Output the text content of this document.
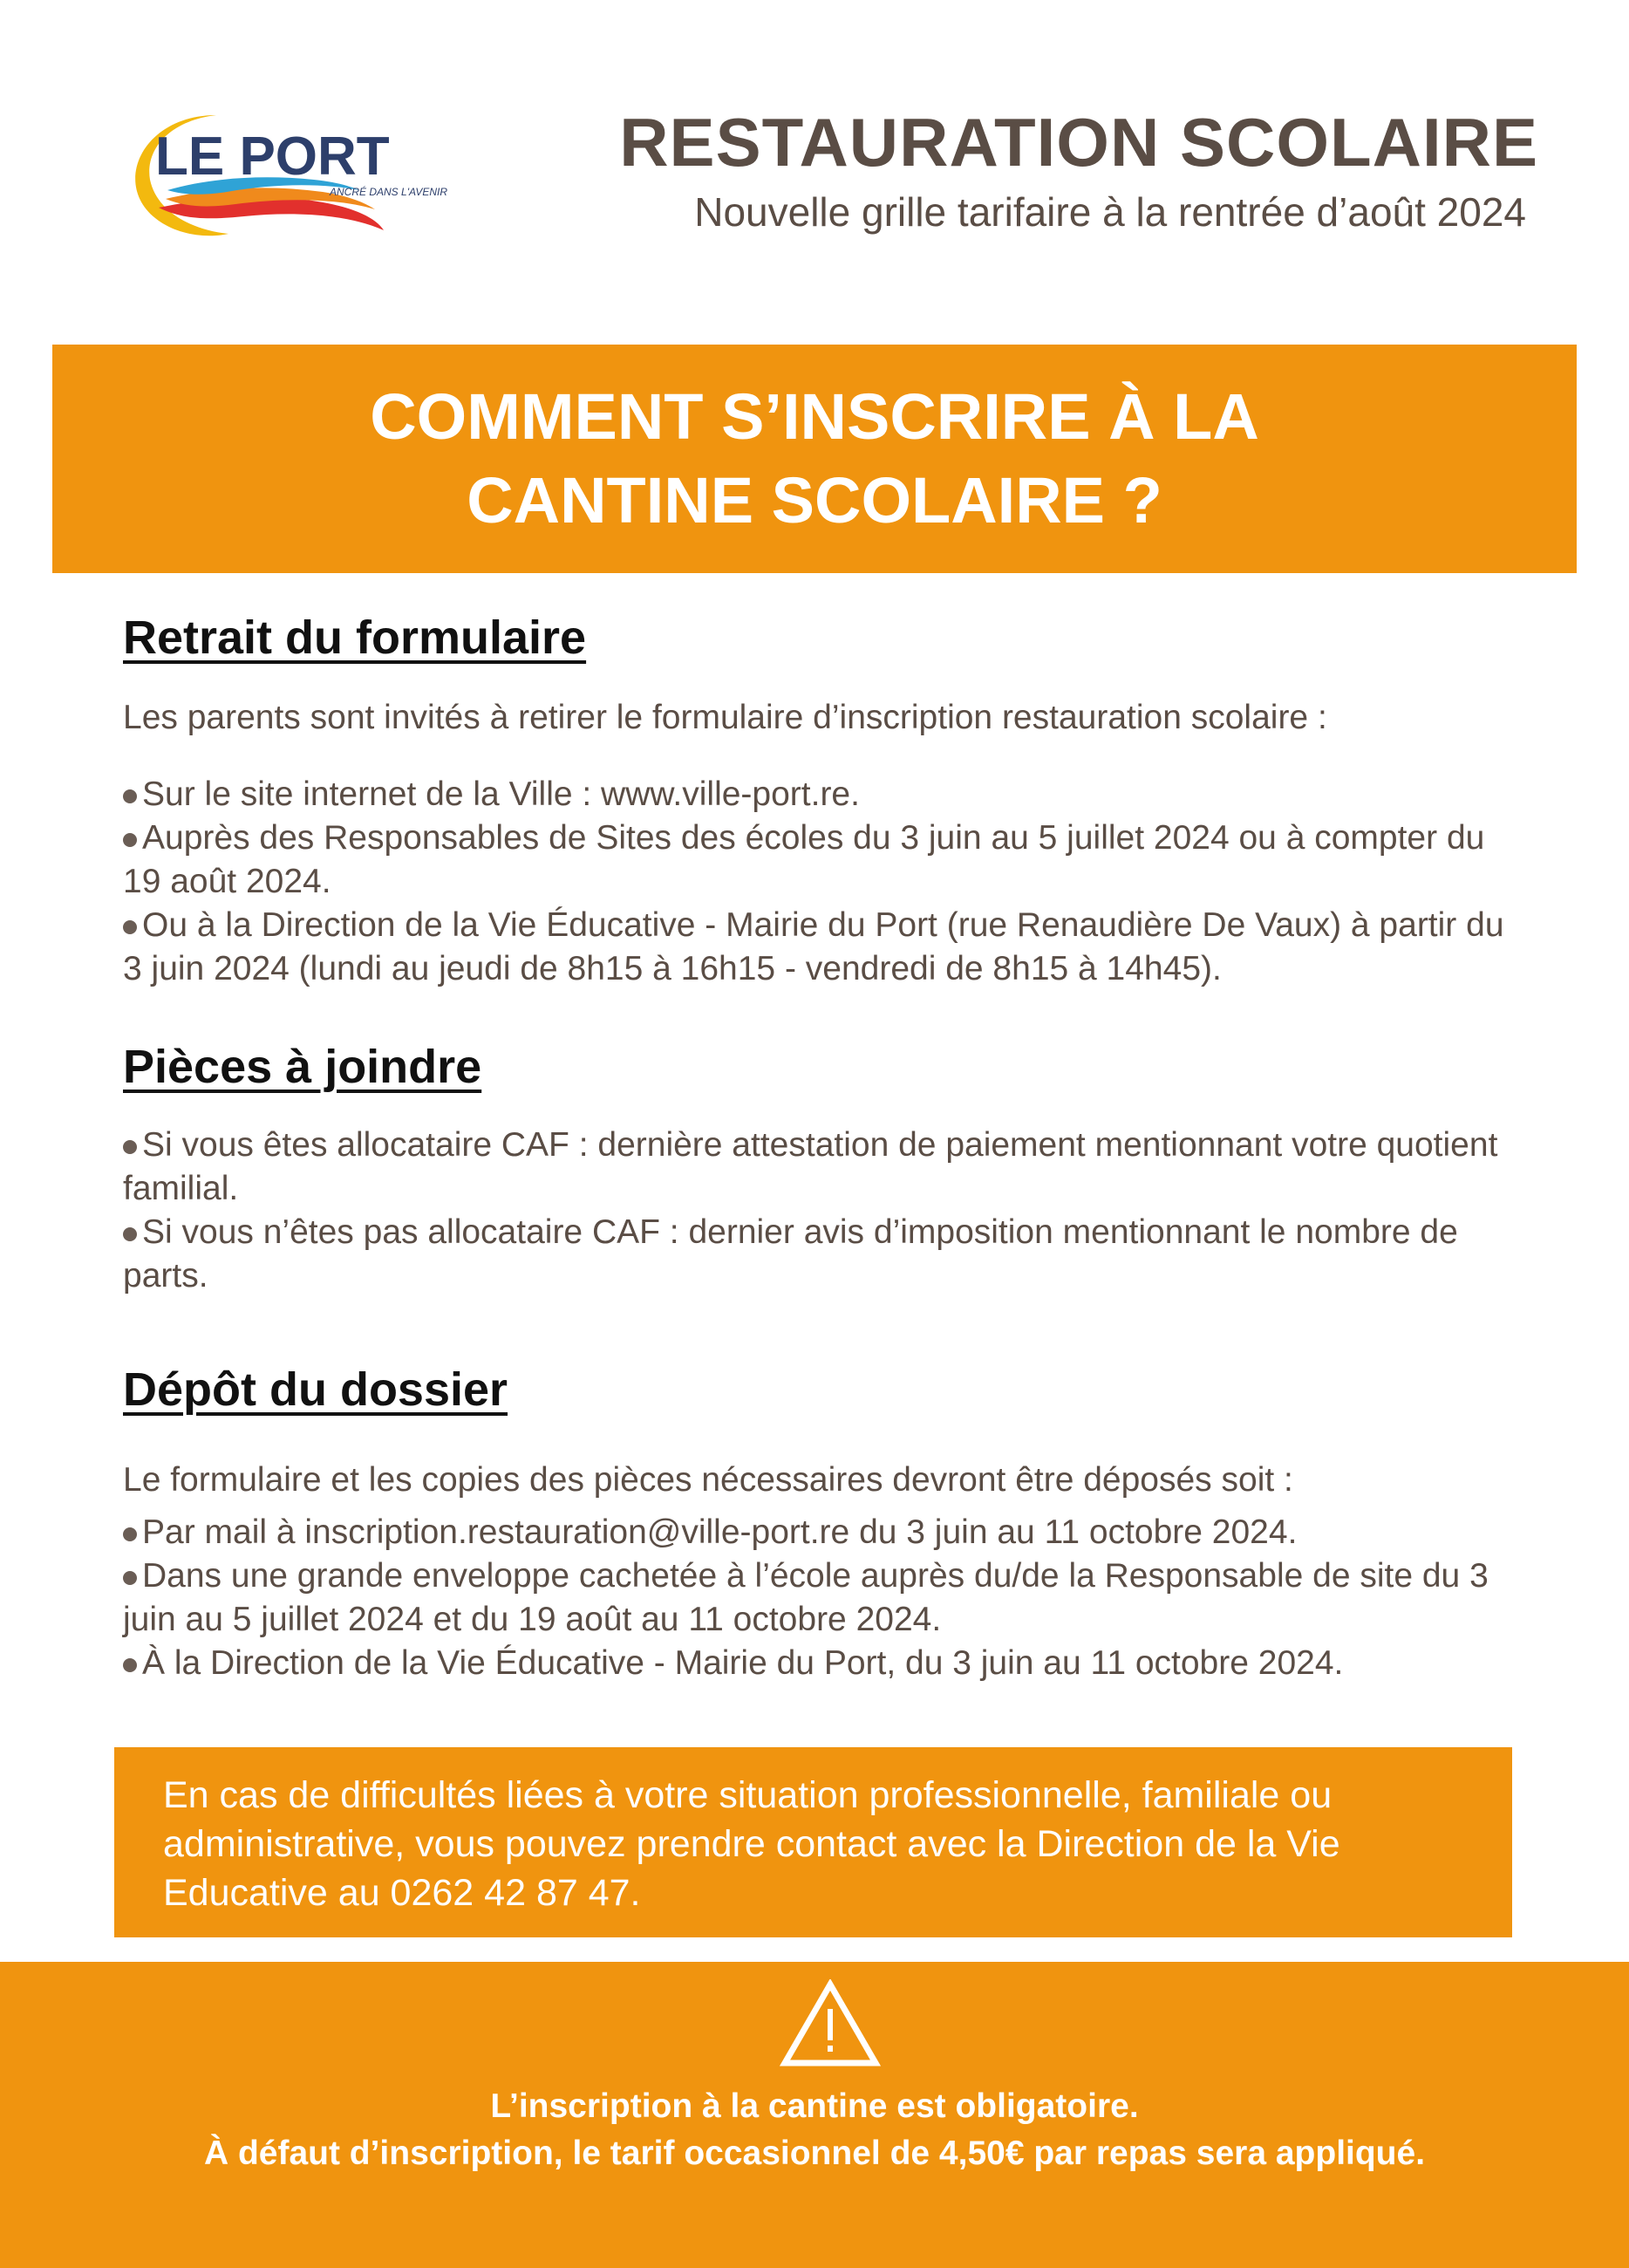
LE PORT
ANCRÉ DANS L'AVENIR
RESTAURATION SCOLAIRE

Nouvelle grille tarifaire à la rentrée d’août 2024

COMMENT S’INSCRIRE À LA
CANTINE SCOLAIRE ?
Retrait du formulaire

Les parents sont invités à retirer le formulaire d’inscription restauration scolaire :

Sur le site internet de la Ville : www.ville-port.re.
Auprès des Responsables de Sites des écoles du 3 juin au 5 juillet 2024 ou à compter du 19 août 2024.
Ou à la Direction de la Vie Éducative - Mairie du Port (rue Renaudière De Vaux) à partir du 3 juin 2024 (lundi au jeudi de 8h15 à 16h15 - vendredi de 8h15 à 14h45).
Pièces à joindre
Si vous êtes allocataire CAF : dernière attestation de paiement mentionnant votre quotient familial.
Si vous n’êtes pas allocataire CAF : dernier avis d’imposition mentionnant le nombre de parts.
Dépôt du dossier

Le formulaire et les copies des pièces nécessaires devront être déposés soit :

Par mail à inscription.restauration@ville-port.re du 3 juin au 11 octobre 2024.
Dans une grande enveloppe cachetée à l’école auprès du/de la Responsable de site du 3 juin au 5 juillet 2024 et du 19 août au 11 octobre 2024.
À la Direction de la Vie Éducative - Mairie du Port, du 3 juin au 11 octobre 2024.

En cas de difficultés liées à votre situation professionnelle, familiale ou administrative, vous pouvez prendre contact avec la Direction de la Vie Educative au 0262 42 87 47.

L’inscription à la cantine est obligatoire.
À défaut d’inscription, le tarif occasionnel de 4,50€ par repas sera appliqué.
